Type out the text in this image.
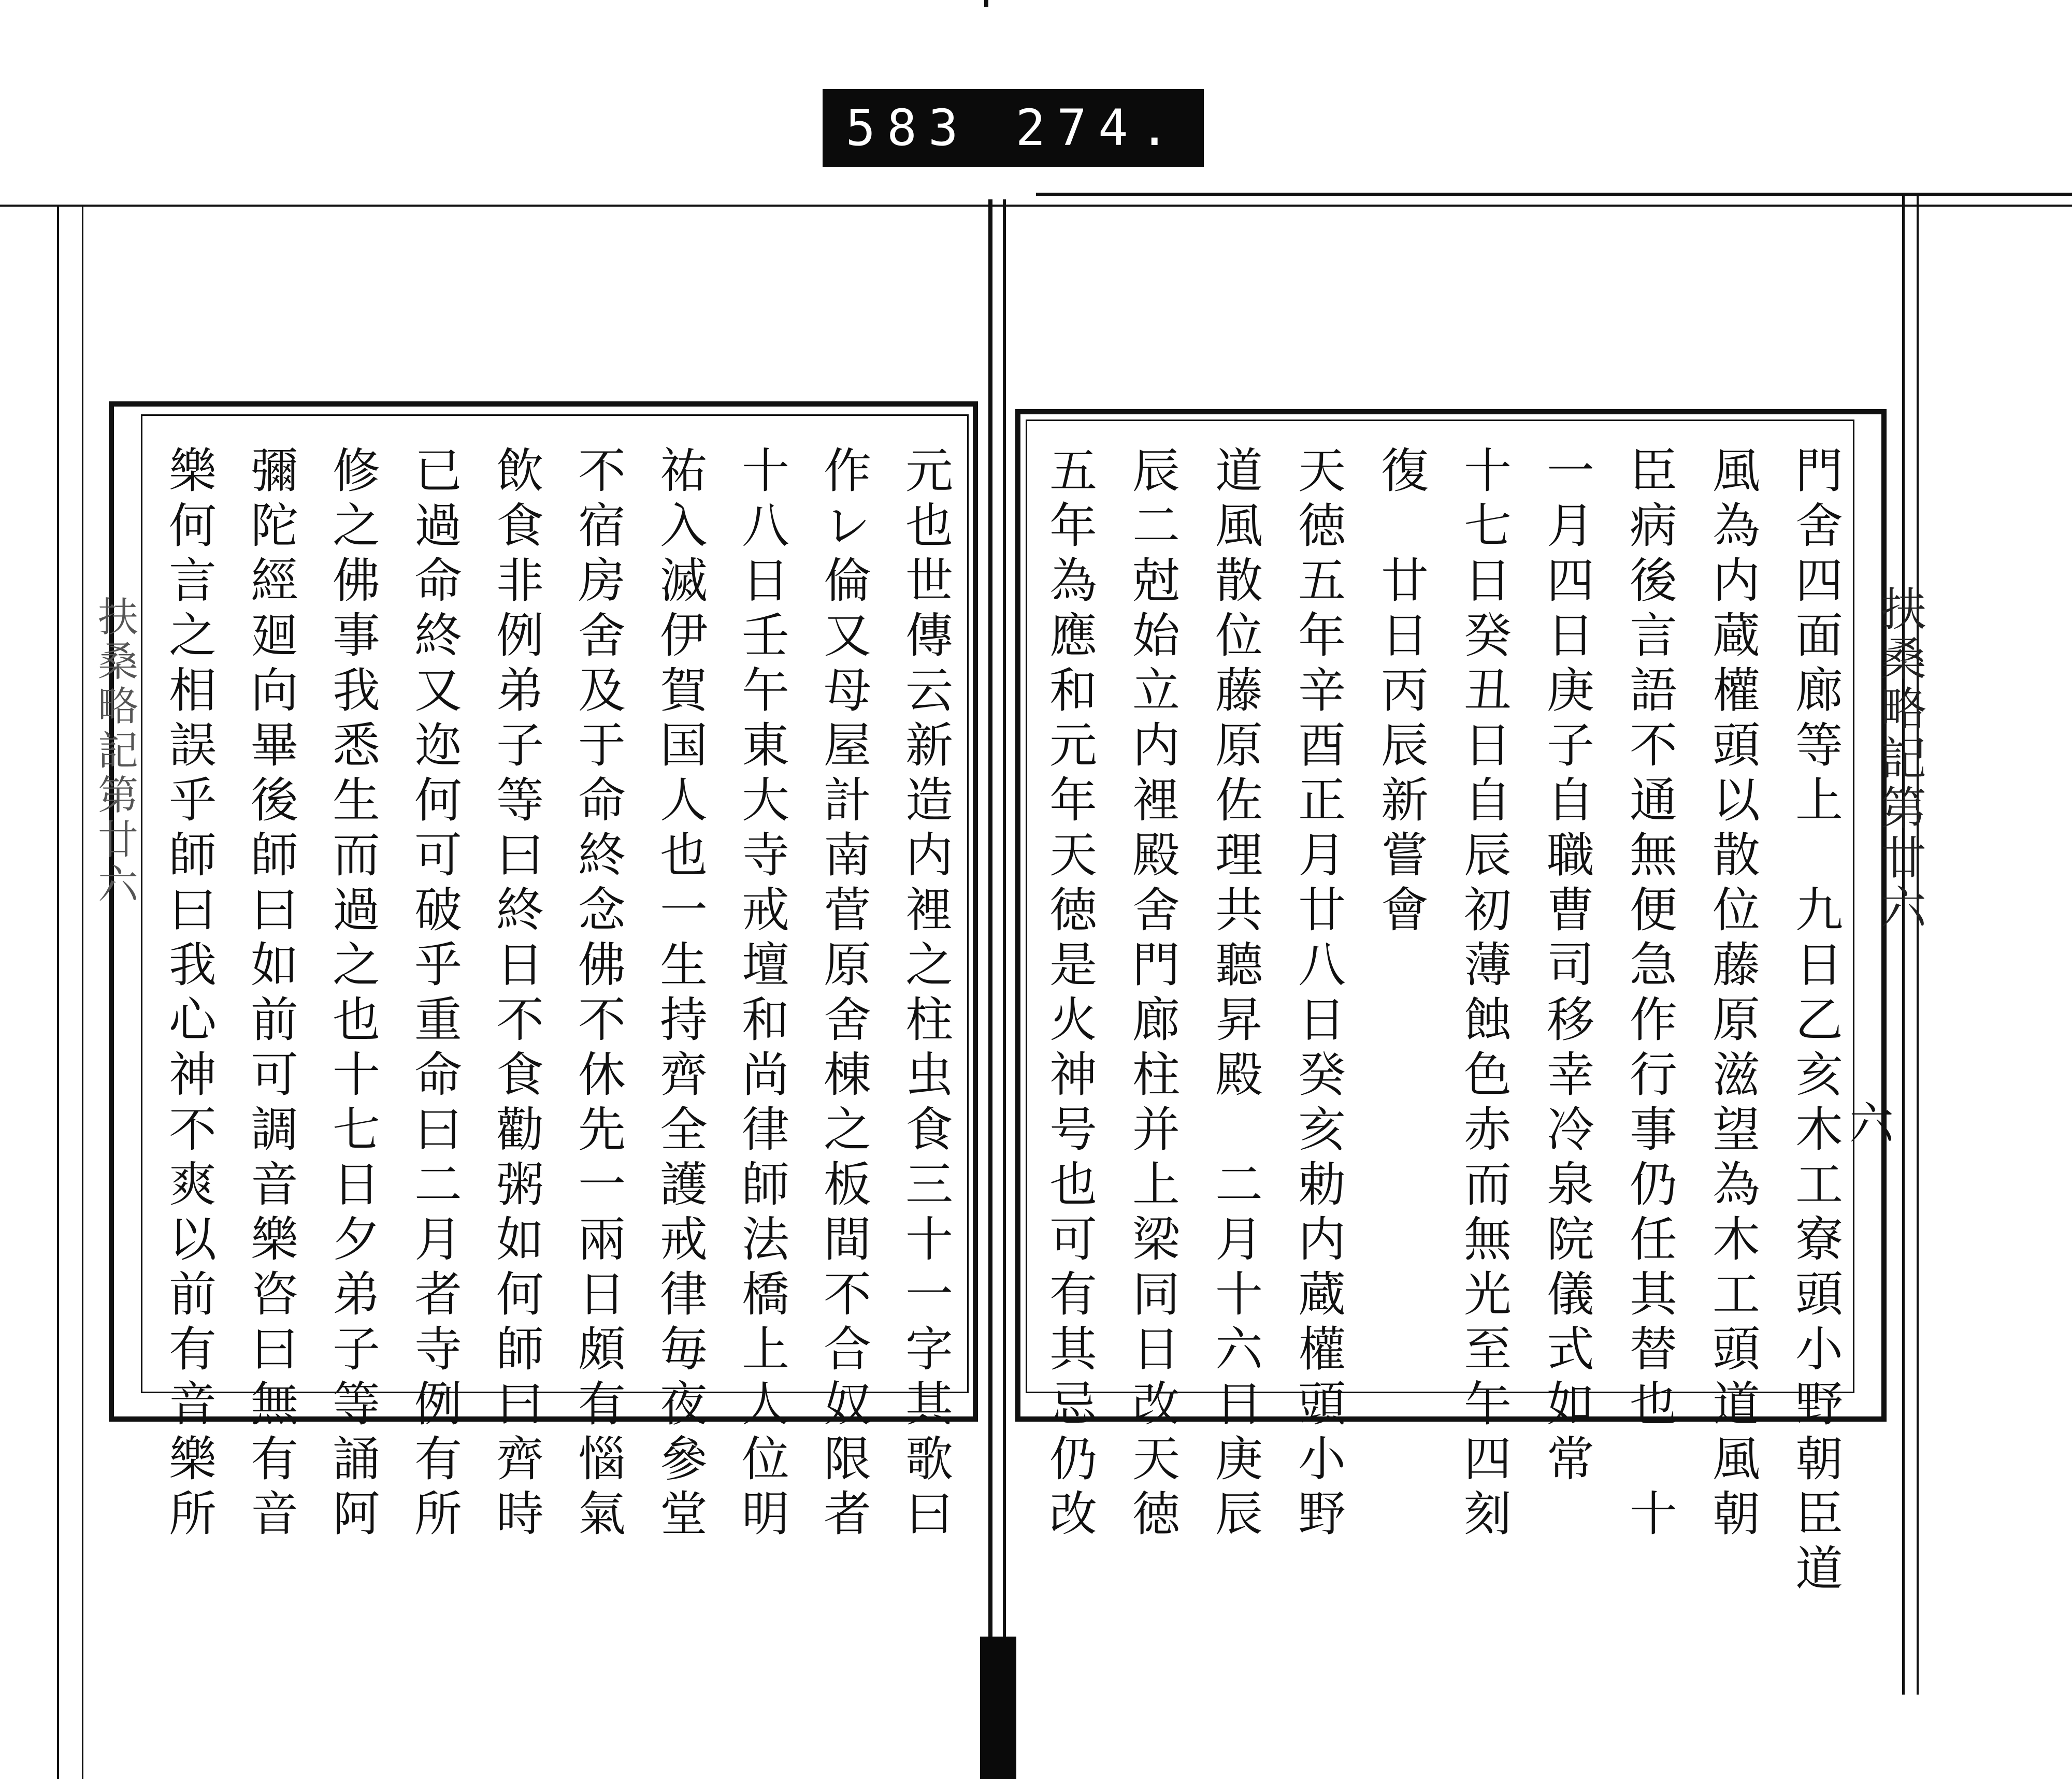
583 274.
扶桑略記第廿六
六
扶桑略記第廿六	門舍四面廊等上　九日乙亥木工寮頭小野朝臣道
風為内蔵權頭以散位藤原滋望為木工頭道風朝
臣病後言語不通無便急作行事仍任其替也　十
一月四日庚子自職曹司移幸冷泉院儀式如常
十七日癸丑日自辰初薄蝕色赤而無光至午四刻
復　廿日丙辰新嘗會
天徳五年辛酉正月廿八日癸亥勅内蔵權頭小野
道風散位藤原佐理共聽昇殿　二月十六日庚辰
辰二尅始立内裡殿舍門廊柱并上梁同日改天徳
五年為應和元年天徳是火神号也可有其忌仍改
元也世傳云新造内裡之柱虫食三十一字其歌曰
作レ倫又母屋計南菅原舍棟之板間不合奴限者
十八日壬午東大寺戒壇和尚律師法橋上人位明
祐入滅伊賀国人也一生持齊全護戒律毎夜參堂
不宿房舍及于命終念佛不休先一兩日頗有惱氣
飲食非例弟子等曰終日不食勸粥如何師曰齊時
已過命終又迩何可破乎重命曰二月者寺例有所
修之佛事我悉生而過之也十七日夕弟子等誦阿
彌陀經廻向畢後師曰如前可調音樂咨曰無有音
樂何言之相誤乎師曰我心神不爽以前有音樂所
